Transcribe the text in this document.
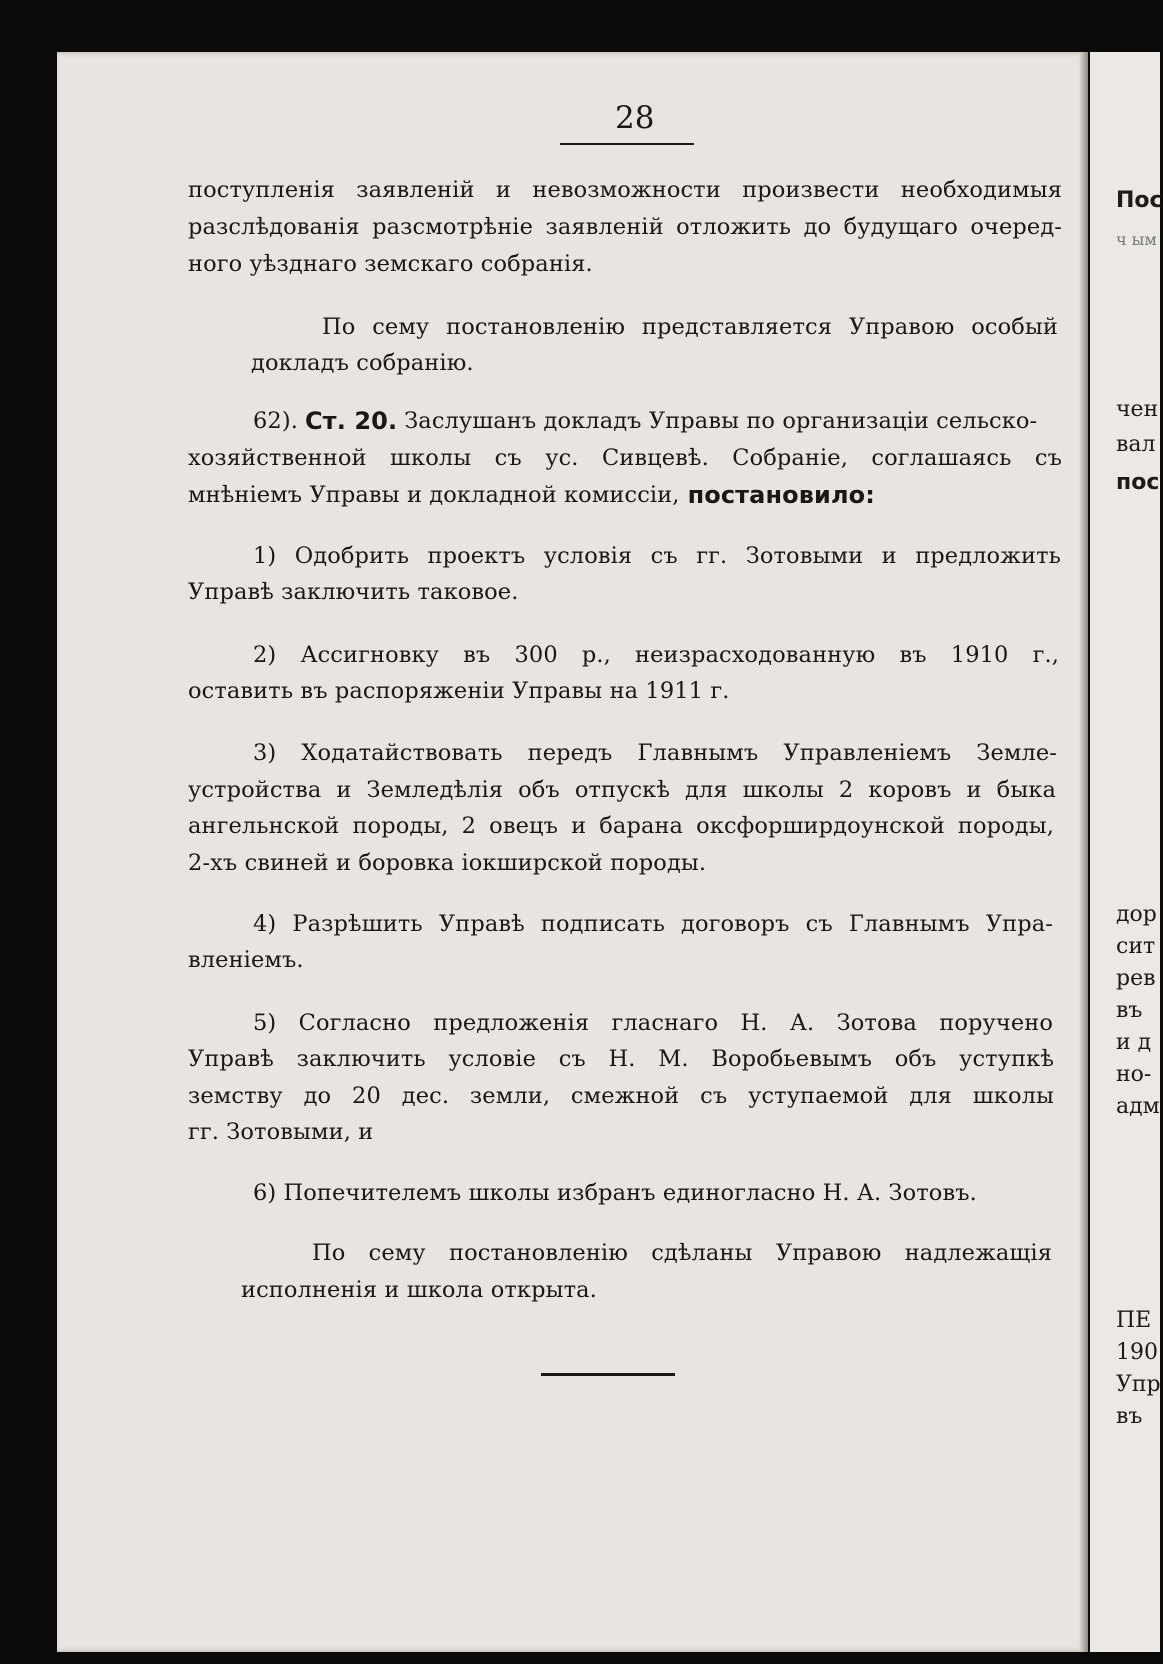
Пос
ч ым
чен
вал
пос
ПЕ
190
Упр
въ
дор
сит
рев
въ
и д
но-
адм
28
поступленія заявленій и невозможности произвести необходимыя
разслѣдованія разсмотрѣніе заявленій отложить до будущаго очеред-
ного уѣзднаго земскаго собранія.
По сему постановленію представляется Управою особый
докладъ собранію.
62). Ст. 20. Заслушанъ докладъ Управы по организаціи сельско-
хозяйственной школы съ ус. Сивцевѣ. Собраніе, соглашаясь съ
мнѣніемъ Управы и докладной комиссіи, постановило:
1) Одобрить проектъ условія съ гг. Зотовыми и предложить
Управѣ заключить таковое.
2) Ассигновку въ 300 р., неизрасходованную въ 1910 г.,
оставить въ распоряженіи Управы на 1911 г.
3) Ходатайствовать передъ Главнымъ Управленіемъ Земле-
устройства и Земледѣлія объ отпускѣ для школы 2 коровъ и быка
ангельнской породы, 2 овецъ и барана оксфорширдоунской породы,
2-хъ свиней и боровка іокширской породы.
4) Разрѣшить Управѣ подписать договоръ съ Главнымъ Упра-
вленіемъ.
5) Согласно предложенія гласнаго Н. А. Зотова поручено
Управѣ заключить условіе съ Н. М. Воробьевымъ объ уступкѣ
земству до 20 дес. земли, смежной съ уступаемой для школы
гг. Зотовыми, и
6) Попечителемъ школы избранъ единогласно Н. А. Зотовъ.
По сему постановленію сдѣланы Управою надлежащія
исполненія и школа открыта.
